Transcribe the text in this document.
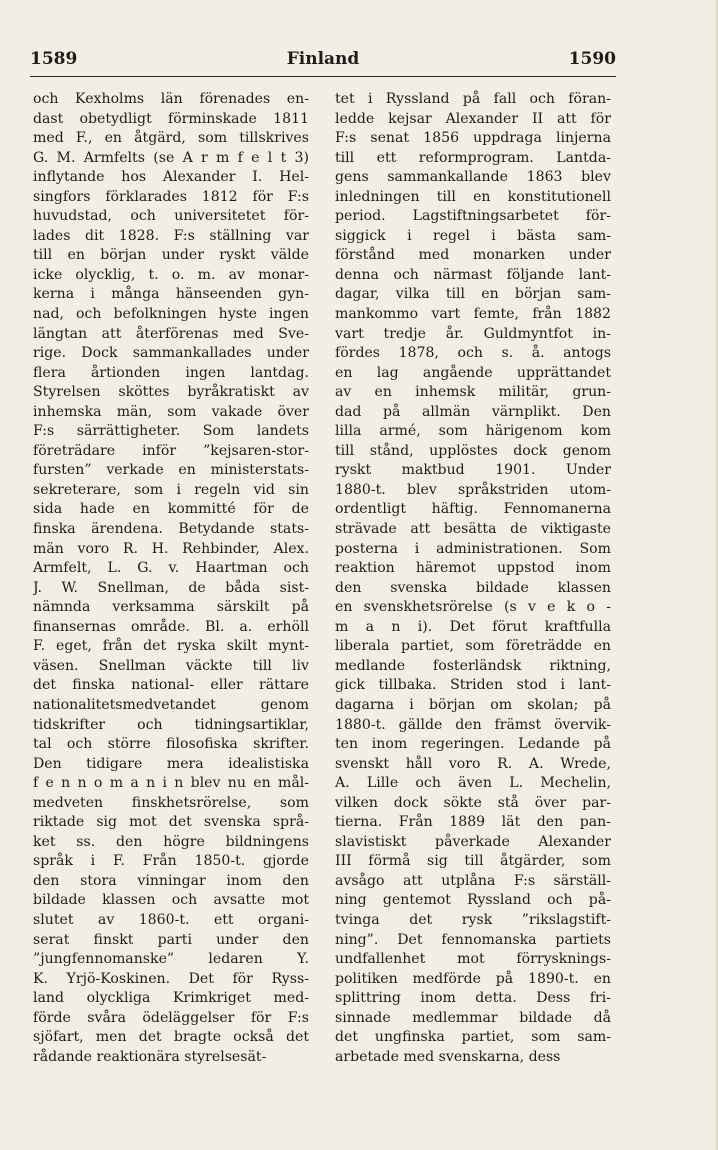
1589	Finland	1590
och Kexholms län förenades en-
dast obetydligt förminskade 1811
med F., en åtgärd, som tillskrives
G. M. Armfelts (se A r m f e l t 3)
inflytande hos Alexander I. Hel-
singfors förklarades 1812 för F:s
huvudstad, och universitetet för-
lades dit 1828. F:s ställning var
till en början under ryskt välde
icke olycklig, t. o. m. av monar-
kerna i många hänseenden gyn-
nad, och befolkningen hyste ingen
längtan att återförenas med Sve-
rige. Dock sammankallades under
flera årtionden ingen lantdag.
Styrelsen sköttes byråkratiskt av
inhemska män, som vakade över
F:s särrättigheter. Som landets
företrädare inför ”kejsaren-stor-
fursten” verkade en ministerstats-
sekreterare, som i regeln vid sin
sida hade en kommitté för de
finska ärendena. Betydande stats-
män voro R. H. Rehbinder, Alex.
Armfelt, L. G. v. Haartman och
J. W. Snellman, de båda sist-
nämnda verksamma särskilt på
finansernas område. Bl. a. erhöll
F. eget, från det ryska skilt mynt-
väsen. Snellman väckte till liv
det finska national- eller rättare
nationalitetsmedvetandet genom
tidskrifter och tidningsartiklar,
tal och större filosofiska skrifter.
Den tidigare mera idealistiska
f e n n o m a n i n blev nu en mål-
medveten finskhetsrörelse, som
riktade sig mot det svenska språ-
ket ss. den högre bildningens
språk i F. Från 1850-t. gjorde
den stora vinningar inom den
bildade klassen och avsatte mot
slutet av 1860-t. ett organi-
serat finskt parti under den
”jungfennomanske” ledaren Y.
K. Yrjö-Koskinen. Det för Ryss-
land olyckliga Krimkriget med-
förde svåra ödeläggelser för F:s
sjöfart, men det bragte också det
rådande reaktionära styrelsesät-
tet i Ryssland på fall och föran-
ledde kejsar Alexander II att för
F:s senat 1856 uppdraga linjerna
till ett reformprogram. Lantda-
gens sammankallande 1863 blev
inledningen till en konstitutionell
period. Lagstiftningsarbetet för-
siggick i regel i bästa sam-
förstånd med monarken under
denna och närmast följande lant-
dagar, vilka till en början sam-
mankommo vart femte, från 1882
vart tredje år. Guldmyntfot in-
fördes 1878, och s. å. antogs
en lag angående upprättandet
av en inhemsk militär, grun-
dad på allmän värnplikt. Den
lilla armé, som härigenom kom
till stånd, upplöstes dock genom
ryskt maktbud 1901. Under
1880-t. blev språkstriden utom-
ordentligt häftig. Fennomanerna
strävade att besätta de viktigaste
posterna i administrationen. Som
reaktion häremot uppstod inom
den svenska bildade klassen
en svenskhetsrörelse (s v e k o -
m a n i). Det förut kraftfulla
liberala partiet, som företrädde en
medlande fosterländsk riktning,
gick tillbaka. Striden stod i lant-
dagarna i början om skolan; på
1880-t. gällde den främst övervik-
ten inom regeringen. Ledande på
svenskt håll voro R. A. Wrede,
A. Lille och även L. Mechelin,
vilken dock sökte stå över par-
tierna. Från 1889 lät den pan-
slavistiskt påverkade Alexander
III förmå sig till åtgärder, som
avsågo att utplåna F:s särställ-
ning gentemot Ryssland och på-
tvinga det rysk ”rikslagstift-
ning”. Det fennomanska partiets
undfallenhet mot förrysknings-
politiken medförde på 1890-t. en
splittring inom detta. Dess fri-
sinnade medlemmar bildade då
det ungfinska partiet, som sam-
arbetade med svenskarna, dess
